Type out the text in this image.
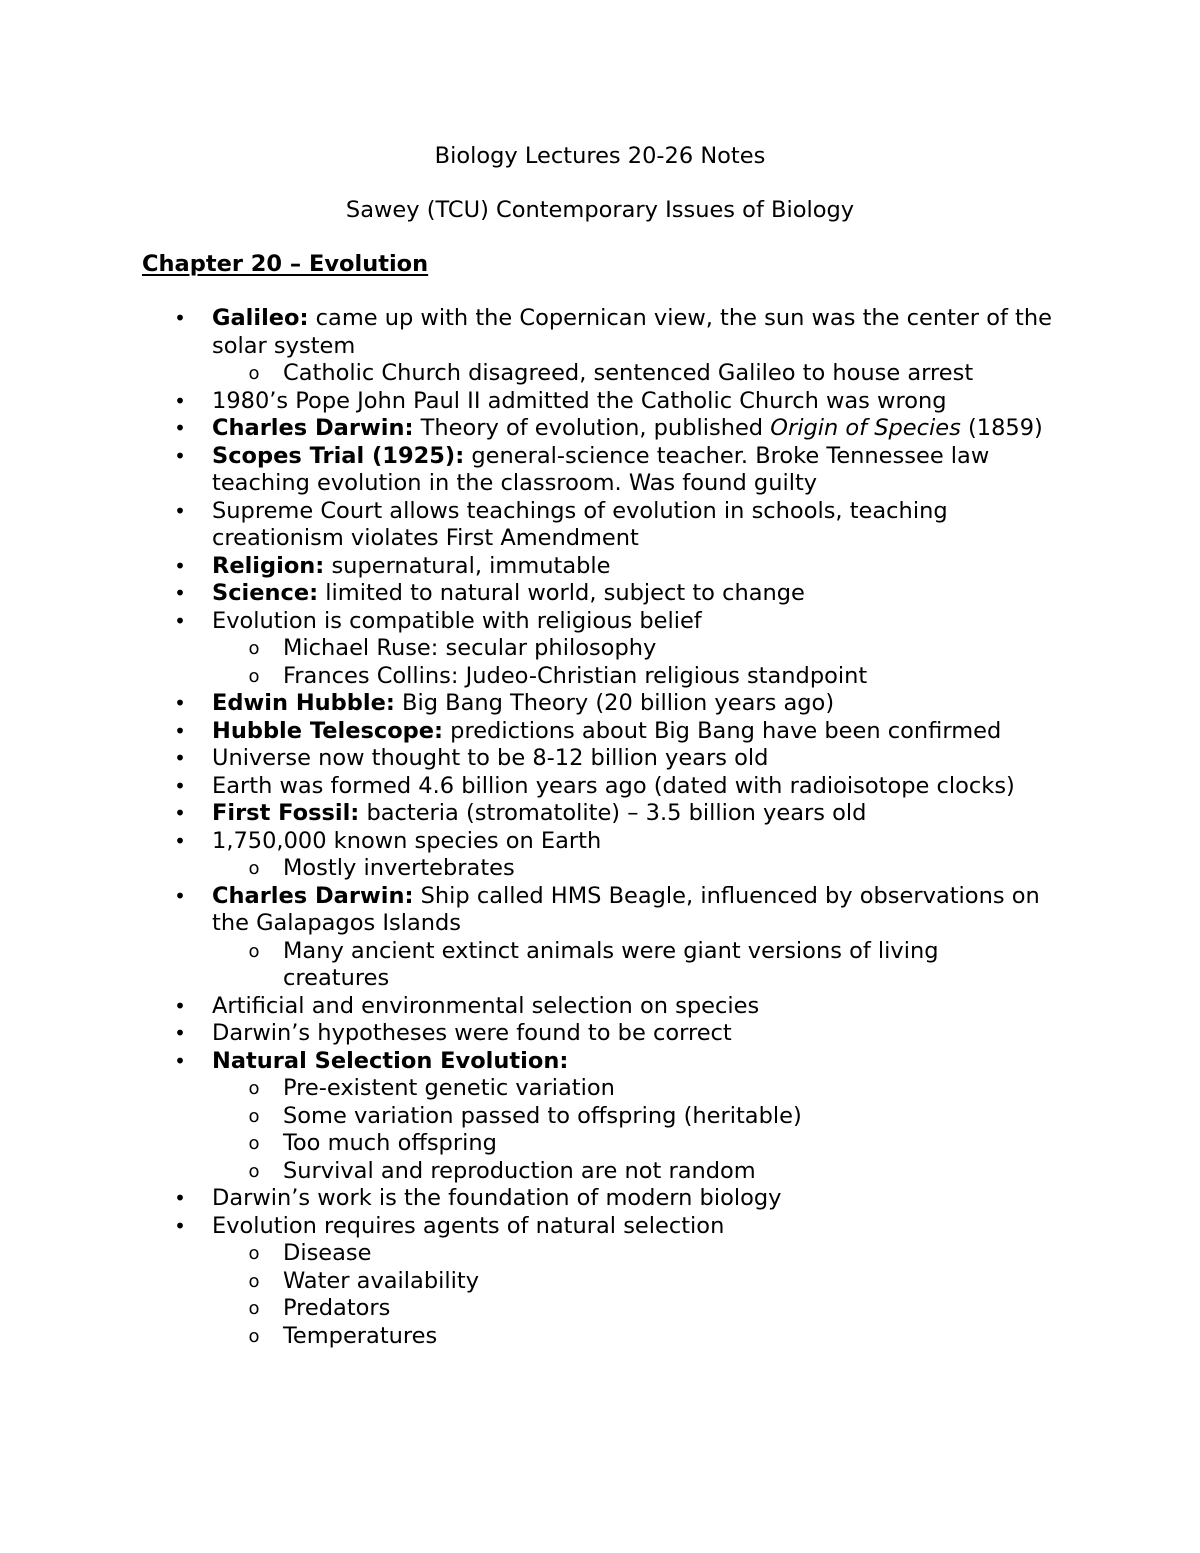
Biology Lectures 20-26 Notes
Sawey (TCU) Contemporary Issues of Biology
Chapter 20 – Evolution
• Galileo: came up with the Copernican view, the sun was the center of the solar system
o Catholic Church disagreed, sentenced Galileo to house arrest
• 1980’s Pope John Paul II admitted the Catholic Church was wrong
• Charles Darwin: Theory of evolution, published Origin of Species (1859)
• Scopes Trial (1925): general-science teacher. Broke Tennessee law teaching evolution in the classroom. Was found guilty
• Supreme Court allows teachings of evolution in schools, teaching creationism violates First Amendment
• Religion: supernatural, immutable
• Science: limited to natural world, subject to change
• Evolution is compatible with religious belief
o Michael Ruse: secular philosophy
o Frances Collins: Judeo-Christian religious standpoint
• Edwin Hubble: Big Bang Theory (20 billion years ago)
• Hubble Telescope: predictions about Big Bang have been confirmed
• Universe now thought to be 8-12 billion years old
• Earth was formed 4.6 billion years ago (dated with radioisotope clocks)
• First Fossil: bacteria (stromatolite) – 3.5 billion years old
• 1,750,000 known species on Earth
o Mostly invertebrates
• Charles Darwin: Ship called HMS Beagle, influenced by observations on the Galapagos Islands
o Many ancient extinct animals were giant versions of living creatures
• Artificial and environmental selection on species
• Darwin’s hypotheses were found to be correct
• Natural Selection Evolution:
o Pre-existent genetic variation
o Some variation passed to offspring (heritable)
o Too much offspring
o Survival and reproduction are not random
• Darwin’s work is the foundation of modern biology
• Evolution requires agents of natural selection
o Disease
o Water availability
o Predators
o Temperatures
